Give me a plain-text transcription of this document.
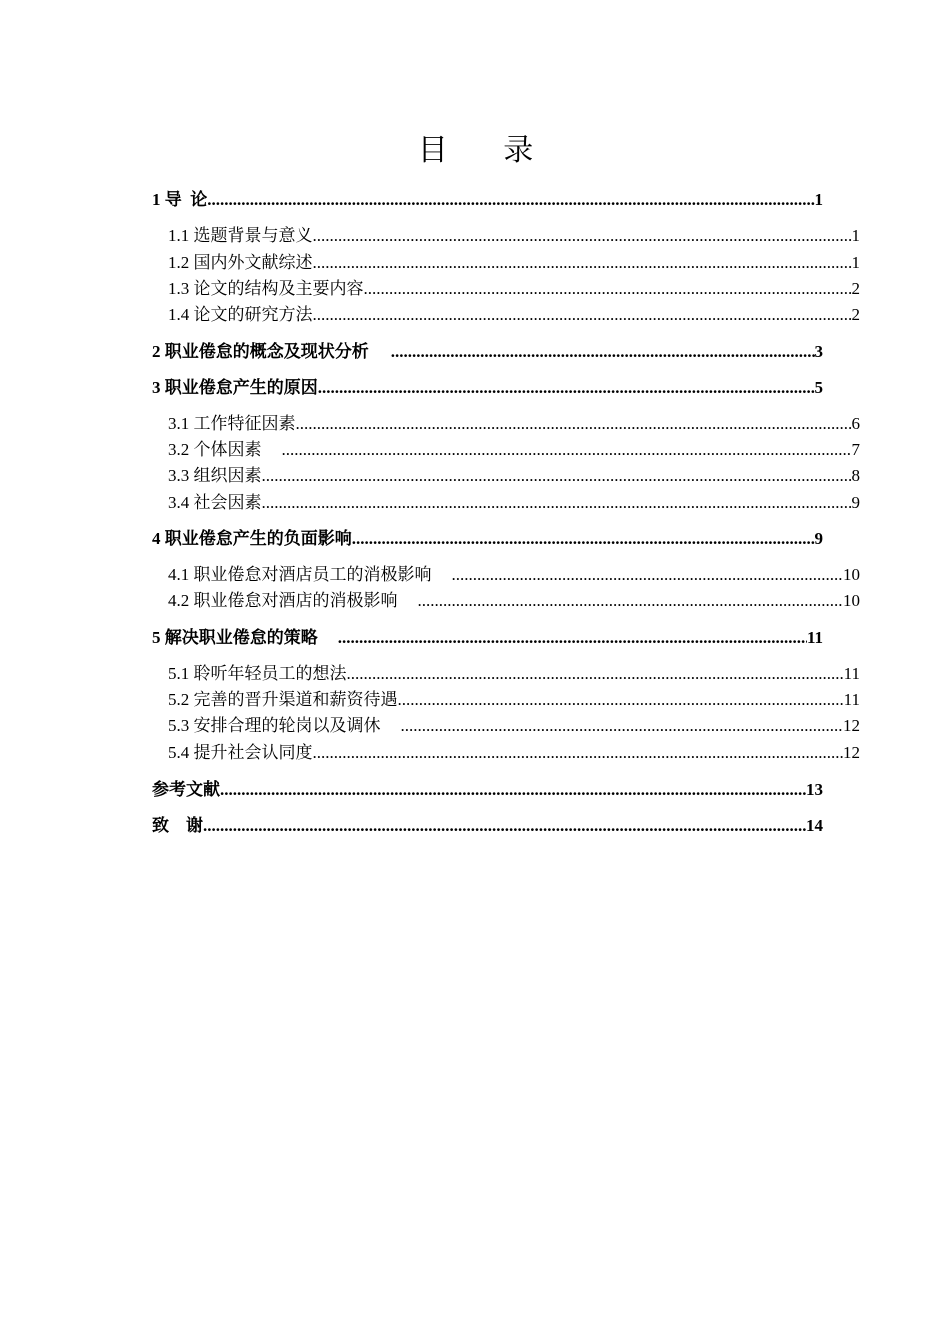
目 录
1 导  论 .....	1
1.1 选题背景与意义 .....	1
1.2 国内外文献综述 .....	1
1.3 论文的结构及主要内容 .....	2
1.4 论文的研究方法 .....	2
2 职业倦怠的概念及现状分析 .....	3
3 职业倦怠产生的原因 .....	5
3.1 工作特征因素 .....	6
3.2 个体因素 .....	7
3.3 组织因素 .....	8
3.4 社会因素 .....	9
4 职业倦怠产生的负面影响 .....	9
4.1 职业倦怠对酒店员工的消极影响 .....	10
4.2 职业倦怠对酒店的消极影响 .....	10
5 解决职业倦怠的策略 .....	11
5.1 聆听年轻员工的想法 .....	11
5.2 完善的晋升渠道和薪资待遇 .....	11
5.3 安排合理的轮岗以及调休 .....	12
5.4 提升社会认同度 .....	12
参考文献 .....	13
致    谢 .....	14
